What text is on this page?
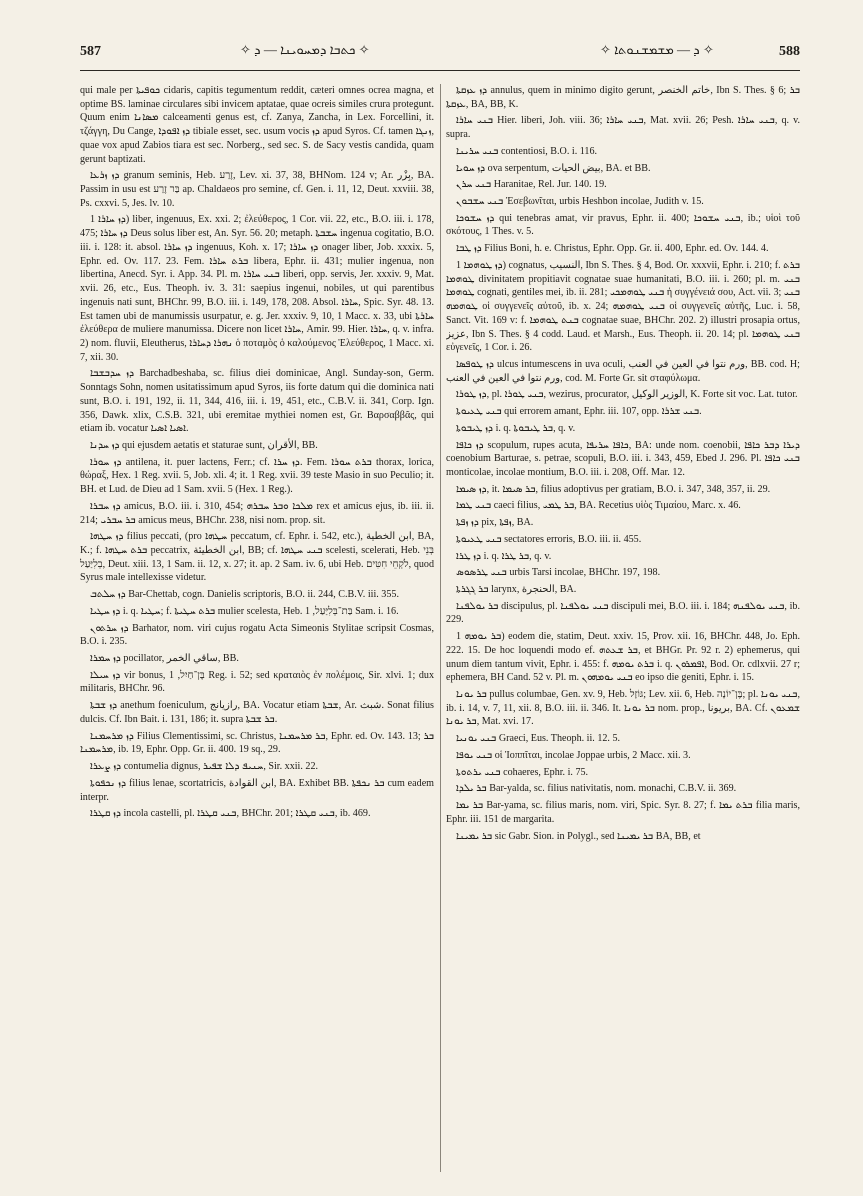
587	✧ ܟܬܒܐ ܕܡܚܘܝܢܐ — ܕ ✧	✧ ܕ — ܡܫܡܫܢܘܬܐ ✧	588

qui male per ܟܘܦܝܬܐ cidaris, capitis tegumentum reddit, cæteri omnes ocrea magna, et optime BS. laminae circulares sibi invicem aptatae, quae ocreis similes crura protegunt. Quum enim ܡܣܐܢܐ calceamenti genus est, cf. Zanya, Zancha, in Lex. Forcellini, it. τζάγγη, Du Cange, ܕܙ ܐܦܘܕܐ tibiale esset, sec. usum vocis ܕܙ apud Syros. Cf. tamen ܙܢܓܐ, quae vox apud Zabios tiara est sec. Norberg., sed sec. S. de Sacy vestis candida, quam gerunt baptizati.

ܕܙ ܙܪܥܐ granum seminis, Heb. זֶרַע, Lev. xi. 37, 38, BHNom. 124 v; Ar. بِزْر, BA. Passim in usu est בַּר זֶרַע ap. Chaldaeos pro semine, cf. Gen. i. 11, 12, Deut. xxviii. 38, Ps. cxxvi. 5, Jes. lv. 10.

ܕܙ ܚܐܪܐ 1) liber, ingenuus, Ex. xxi. 2; ἐλεύθερος, 1 Cor. vii. 22, etc., B.O. iii. i. 178, 475; ܕܙ ܚܐܪܐ Deus solus liber est, An. Syr. 56. 20; metaph. ܚܫܒܬܐ ingenua cogitatio, B.O. iii. i. 128: it. absol. ܕܙ ܚܐܪܐ ingenuus, Koh. x. 17; ܕܙ ܚܐܪܐ onager liber, Job. xxxix. 5, Ephr. ed. Ov. 117. 23. Fem. ܒܪܬ ܚܐܪܐ libera, Ephr. ii. 431; mulier ingenua, non libertina, Anecd. Syr. i. App. 34. Pl. m. ܒܢܝ ܚܐܪܐ liberi, opp. servis, Jer. xxxiv. 9, Mat. xvii. 26, etc., Eus. Theoph. iv. 3. 31: saepius ingenui, nobiles, ut qui parentibus ingenuis nati sunt, BHChr. 99, B.O. iii. i. 149, 178, 208. Absol. ܚܐܪܐ, Spic. Syr. 48. 13. Est tamen ubi de manumissis usurpatur, e. g. Jer. xxxiv. 9, 10, 1 Macc. x. 33, ubi ܚܐܪܬܐ ἐλεύθερα de muliere manumissa. Dicere non licet ܚܐܪܐ, Amir. 99. Hier. ܚܐܪܐ, q. v. infra. 2) nom. fluvii, Eleutherus, ܢܗܪܐ ܕܚܐܪܐ ὁ ποταμὸς ὁ καλούμενος Ἐλεύθερος, 1 Macc. xi. 7, xii. 30.

ܕܙ ܚܕܒܫܒܐ Barchadbeshaba, sc. filius diei dominicae, Angl. Sunday-son, Germ. Sonntags Sohn, nomen usitatissimum apud Syros, iis forte datum qui die dominica nati sunt, B.O. i. 191, 192, ii. 11, 344, 416, iii. i. 19, 451, etc., C.B.V. ii. 341, Corp. Ign. 356, Dawk. xlix, C.S.B. 321, ubi eremitae mythiei nomen est, Gr. Βαρσαββᾶς, qui etiam ib. vocatur ܐܣܝܐ ܐܣܝܐ.

ܕܙ ܚܕܢܐ qui ejusdem aetatis et staturae sunt, الأقران, BB.

ܕܙ ܚܘܪܐ antilena, it. puer lactens, Ferr.; cf. ܕܙ ܚܪܐ. Fem. ܒܪܬ ܚܘܪܐ thorax, lorica, θώραξ, Hex. 1 Reg. xvii. 5, Job. xli. 4; it. 1 Reg. xvii. 39 teste Masio in suo Peculio; it. BH. et Lud. de Dieu ad 1 Sam. xvii. 5 (Hex. 1 Reg.).

ܕܙ ܚܒܪܐ amicus, B.O. iii. i. 310, 454; ܡܠܟܐ ܘܒܪ ܚܒܪܗ rex et amicus ejus, ib. iii. ii. 214; ܒܪ ܚܒܪܝ amicus meus, BHChr. 238, nisi nom. prop. sit.

ܕܙ ܚܛܗܐ filius peccati, (pro ܚܛܗܐ peccatum, cf. Ephr. i. 542, etc.), ابن الخطية, BA, K.; f. ܒܪܬ ܚܛܗܐ peccatrix, ابن الخطيئة, BB; cf. ܒܢܝ ܚܛܗܐ scelesti, scelerati, Heb. בְּנֵי בְלִיַּעַל, Deut. xiii. 13, 1 Sam. ii. 12, x. 27; it. ap. 2 Sam. iv. 6, ubi Heb. לֹקְחֵי חִטִּים, quod Syrus male intellexisse videtur.

ܕܙ ܚܠܬܒ Bar-Chettab, cogn. Danielis scriptoris, B.O. ii. 244, C.B.V. iii. 355.

ܕܙ ܚܛܝܐ i. q. ܚܛܝܐ; f. ܒܪܬ ܚܛܝܬܐ mulier scelesta, Heb. בַּת־בְּלִיַּעַל, 1 Sam. i. 16.

ܕܙ ܚܪܬܘܢ Barhator, nom. viri cujus rogatu Acta Simeonis Stylitae scripsit Cosmas, B.O. i. 235.

ܕܙ ܚܡܪܐ pocillator, ساقي الخمر, BB.

ܕܙ ܚܝܠܐ vir bonus, בֶּן־חַיִל, 1 Reg. i. 52; sed κραταιὸς ἐν πολέμοις, Sir. xlvi. 1; dux militaris, BHChr. 96.

ܕܙ ܫܒܬܐ anethum foeniculum, رازيانج, BA. Vocatur etiam ܫܒܬܐ, Ar. شبث. Sonat filius dulcis. Cf. Ibn Bait. i. 131, 186; it. supra ܒܪ ܫܒܬܐ.

ܕܙ ܡܪܚܡܢܐ Filius Clementissimi, sc. Christus, ܒܪ ܡܪܚܡܢܐ, Ephr. ed. Ov. 143. 13; ܒܪ ܡܪܚܡܢܐ, ib. 19, Ephr. Opp. Gr. ii. 400. 19 sq., 29.

ܕܙ ܨܥܪܐ contumelia dignus, ܚܢܝܦ ܕܠܐ ܫܦܝܪ, Sir. xxii. 22.

ܕܙ ܢܟܦܘܬܐ filius lenae, scortatricis, ابن القوادة, BA. Exhibet BB. ܒܪ ܢܟܦܬܐ cum eadem interpr.

ܕܙ ܩܛܪܐ incola castelli, pl. ܒܢܝ ܩܛܪܐ, BHChr. 201; ܒܢܝ ܩܛܪܐ, ib. 469.

ܕܙ ܥܙܩܬܐ annulus, quem in minimo digito gerunt, خاتم الخنصر, Ibn S. Thes. § 6; ܒܪ ܥܙܩܬܐ, BA, BB, K.

ܒܢܝ ܚܐܪܐ Hier. liberi, Joh. viii. 36; ܒܢܝ ܚܐܪܐ, Mat. xvii. 26; Pesh. ܒܢܝ ܚܐܪܐ, q. v. supra.

ܒܢܝ ܚܪܝܢܐ contentiosi, B.O. i. 116.

ܕܙ ܚܘܝܐ ova serpentum, بيض الحيات, BA. et BB.

ܒܢܝ ܚܪܢ Haranitae, Rel. Jur. 140. 19.

ܒܢܝ ܚܫܒܘܢ Ἐσεβωνῖται, urbis Heshbon incolae, Judith v. 15.

ܕܙ ܚܫܘܟܐ qui tenebras amat, vir pravus, Ephr. ii. 400; ܒܢܝ ܚܫܘܟܐ, ib.; υἱοὶ τοῦ σκότους, 1 Thes. v. 5.

ܕܙ ܛܒܐ Filius Boni, h. e. Christus, Ephr. Opp. Gr. ii. 400, Ephr. ed. Ov. 144. 4.

ܕܙ ܛܘܗܡܐ 1) cognatus, النسيب, Ibn S. Thes. § 4, Bod. Or. xxxvii, Ephr. i. 210; f. ܒܪܬ ܛܘܗܡܐ divinitatem propitiavit cognatae suae humanitati, B.O. iii. i. 260; pl. m. ܒܢܝ ܛܘܗܡܐ cognati, gentiles mei, ib. ii. 281; ܒܢܝ ܛܘܗܡܟܝ ἡ συγγένειά σου, Act. vii. 3; ܒܢܝ ܛܘܗܡܗ οἱ συγγενεῖς αὐτοῦ, ib. x. 24; ܒܢܝ ܛܘܗܡܗ οἱ συγγενεῖς αὐτῆς, Luc. i. 58, Sanct. Vit. 169 v: f. ܒܢܬ ܛܘܗܡܐ cognatae suae, BHChr. 202. 2) illustri prosapia ortus, عزيز, Ibn S. Thes. § 4 codd. Laud. et Marsh., Eus. Theoph. ii. 20. 14; pl. ܒܢܝ ܛܘܗܡܐ εὐγενεῖς, 1 Cor. i. 26.

ܕܙ ܛܘܦܣܐ ulcus intumescens in uva oculi, ورم نتوا في العين في العنب, BB. cod. H; ورم نتوا في العين في العنب, cod. M. Forte Gr. sit σταφύλωμα.

ܕܙ ܛܘܪܐ, pl. ܒܢܝ ܛܘܪܐ, wezirus, procurator, الوزير الوكيل, K. Forte sit voc. Lat. tutor.

ܒܢܝ ܛܥܝܘܬܐ qui errorem amant, Ephr. iii. 107, opp. ܒܢܝ ܫܪܪܐ.

ܕܙ ܛܝܒܘܬܐ i. q. ܒܪ ܛܝܒܘܬܐ, q. v.

ܕܙ ܟܐܦܐ scopulum, rupes acuta, ܟܐܦܐ ܚܪܝܦܐ, BA: unde nom. coenobii, ܕܝܪܐ ܕܒܪ ܟܐܦܐ coenobium Barturae, s. petrae, scopuli, B.O. iii. i. 343, 459, Ebed J. 296. Pl. ܒܢܝ ܟܐܦܐ monticolae, incolae montium, B.O. iii. i. 208, Off. Mar. 12.

ܕܙ ܣܝܡܐ, it. ܒܪ ܣܝܡܐ, filius adoptivus per gratiam, B.O. i. 347, 348, 357, ii. 29.

ܒܢܝ ܛܡܐ caeci filius, ܒܪ ܛܡܝ, BA. Recetius υἱὸς Τιμαίου, Marc. x. 46.

ܕܙ ܙܦܬܐ pix, ܙܦܬܐ, BA.

ܒܢܝ ܛܥܝܘܬܐ sectatores erroris, B.O. iii. ii. 455.

ܕܙ ܛܪܐ i. q. ܒܪ ܛܪܐ, q. v.

ܒܢܝ ܛܪܣܘܣ urbis Tarsi incolae, BHChr. 197, 198.

ܒܪ ܓܓܪܬܐ larynx, الحنجرة, BA.

ܒܪ ܝܘܠܦܢܐ discipulus, pl. ܒܢܝ ܝܘܠܦܢܐ discipuli mei, B.O. iii. i. 184; ܒܢܝ ܝܘܠܦܢܗ, ib. 229.

ܒܪ ܝܘܡܗ 1) eodem die, statim, Deut. xxiv. 15, Prov. xii. 16, BHChr. 448, Jo. Eph. 222. 15. De hoc loquendi modo ef. ܒܪ ܫܥܬܗ, et BHGr. Pr. 92 r. 2) ephemerus, qui unum diem tantum vivit, Ephr. i. 455: f. ܒܪܬ ܝܘܡܗ i. q. ܐܦܡܪܘܢ, Bod. Or. cdlxvii. 27 r; ephemera, BH Cand. 52 v. Pl. m. ܒܢܝ ܝܘܡܗܘܢ eo ipso die geniti, Ephr. i. 15.

ܒܪ ܝܘܢܐ pullus columbae, Gen. xv. 9, Heb. גּוֹזָל; Lev. xii. 6, Heb. בֶּן־יוֹנָה; pl. ܒܢܝ ܝܘܢܐ, ib. i. 14, v. 7, 11, xii. 8, B.O. iii. ii. 346. It. ܒܪ ܝܘܢܐ nom. prop., بريونا, BA. Cf. ܫܡܥܘܢ ܒܪ ܝܘܢܐ, Mat. xvi. 17.

ܒܢܝ ܝܘܢܝܐ Graeci, Eus. Theoph. ii. 12. 5.

ܒܢܝ ܝܘܦܐ οἱ Ἰοππῖται, incolae Joppae urbis, 2 Macc. xii. 3.

ܒܢܝ ܝܪܬܘܬܐ cohaeres, Ephr. i. 75.

ܒܪ ܝܠܕܐ Bar-yalda, sc. filius nativitatis, nom. monachi, C.B.V. ii. 369.

ܒܪ ܝܡܐ Bar-yama, sc. filius maris, nom. viri, Spic. Syr. 8. 27; f. ܒܪܬ ܝܡܐ filia maris, Ephr. iii. 151 de margarita.

ܒܪ ܝܡܝܢܐ sic Gabr. Sion. in Polygl., sed ܒܪ ܝܡܝܢܐ BA, BB, et
